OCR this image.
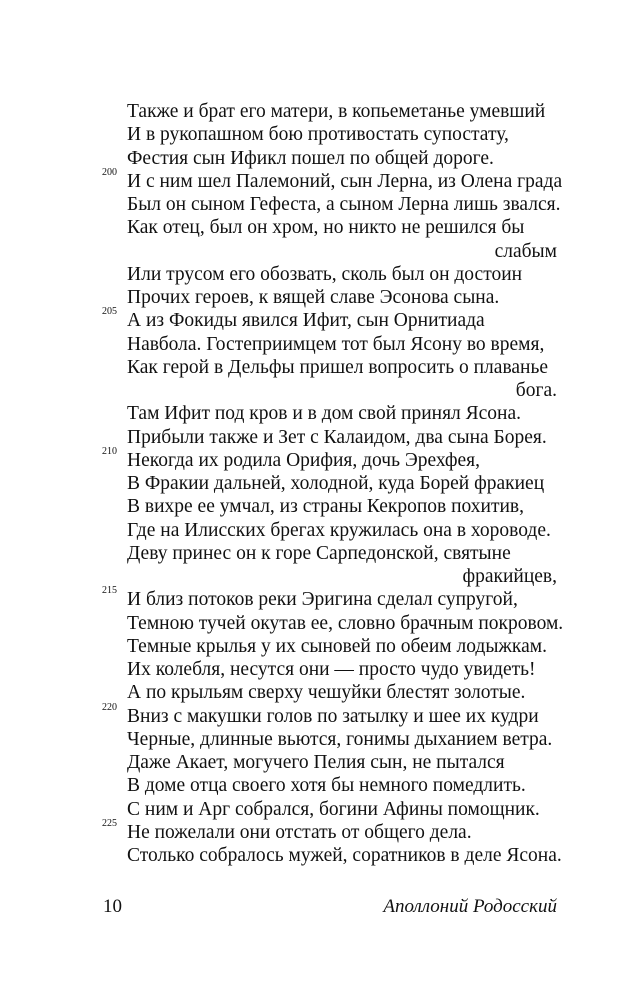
Также и брат его матери, в копьеметанье умевший
И в рукопашном бою противостать супостату,
Фестия сын Ификл пошел по общей дороге.
200 И с ним шел Палемоний, сын Лерна, из Олена града
Был он сыном Гефеста, а сыном Лерна лишь звался.
Как отец, был он хром, но никто не решился бы
слабым
Или трусом его обозвать, сколь был он достоин
Прочих героев, к вящей славе Эсонова сына.
205 А из Фокиды явился Ифит, сын Орнитиада
Навбола. Гостеприимцем тот был Ясону во время,
Как герой в Дельфы пришел вопросить о плаванье
бога.
Там Ифит под кров и в дом свой принял Ясона.
Прибыли также и Зет с Калаидом, два сына Борея.
210 Некогда их родила Орифия, дочь Эрехфея,
В Фракии дальней, холодной, куда Борей фракиец
В вихре ее умчал, из страны Кекропов похитив,
Где на Илисских брегах кружилась она в хороводе.
Деву принес он к горе Сарпедонской, святыне
фракийцев,
215 И близ потоков реки Эригина сделал супругой,
Темною тучей окутав ее, словно брачным покровом.
Темные крылья у их сыновей по обеим лодыжкам.
Их колебля, несутся они — просто чудо увидеть!
А по крыльям сверху чешуйки блестят золотые.
220 Вниз с макушки голов по затылку и шее их кудри
Черные, длинные вьются, гонимы дыханием ветра.
Даже Акает, могучего Пелия сын, не пытался
В доме отца своего хотя бы немного помедлить.
С ним и Арг собрался, богини Афины помощник.
225 Не пожелали они отстать от общего дела.
Столько собралось мужей, соратников в деле Ясона.
10	Аполлоний Родосский
